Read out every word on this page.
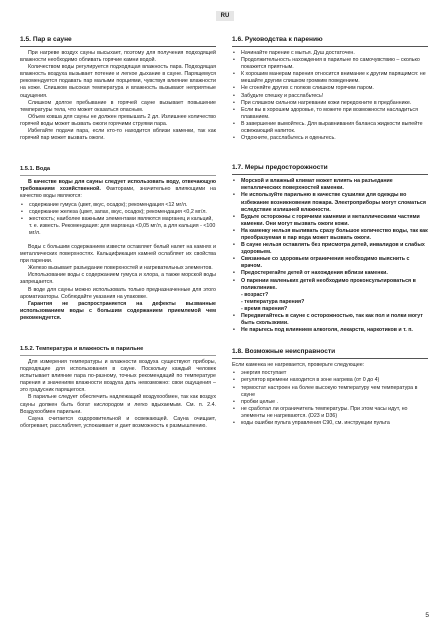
RU
1.5. Пар в сауне

При нагреве воздух сауны высыхает, поэтому для получения подходящей влажности необходимо обливать горячие камни водой.

Количеством воды регулируется подходящая влажность пара. Подходящая влажность воздуха вызывает потение и легкое дыхание в сауне. Парящемуся рекомендуется подавать пар малыми порциями, чувствуя влияние влажности на коже. Слишком высокая температура и влажность вызывают неприятные ощущения.

Слишком долгое пребывание в горячей сауне вызывает повышение температуры тела, что может оказаться опасным.

Объем ковша для сауны не должен превышать 2 дл. Излишнее количество горячей воды может вызвать ожоги горячими струями пара.

Избегайте подачи пара, если кто-то находится вблизи каменки, так как горячий пар может вызвать ожоги.

1.5.1. Вода

В качестве воды для сауны следует использовать воду, отвечающую требованиям хозяйственной. Факторами, значительно влияющими на качество воды являются:

• содержание гумуса (цвет, вкус, осадок); рекомендация <12 мг/л.
• содержание железа (цвет, запах, вкус, осадок); рекомендация <0,2 мг/л.
• жесткость; наиболее важными элементами являются марганец и кальций, т. е. известь. Рекомендация: для марганца <0,05 мг/л, а для кальция - <100 мг/л.

Воды с большим содержанием извести оставляет белый налет на камнях и металлических поверхностях. Кальцификация камней ослабляет их свойства при парении.

Железо вызывает разъедание поверхностей и нагревательных элементов.

Использование воды с содержанием гумуса и хлора, а также морской воды запрещается.

В воде для сауны можно использовать только предназначенные для этого ароматизаторы. Соблюдайте указания на упаковке.

Гарантия не распространяется на дефекты вызванные использованием воды с большим содержанием приемлемой чем рекомендуется.

1.5.2. Температура и влажность в парильне

Для измерения температуры и влажности воздуха существуют приборы, подходящие для использования в сауне. Поскольку каждый человек испытывает влияние пара по-разному, точных рекомендаций по температуре парения и значениям влажности воздуха дать невозможно: свои ощущения – это градусник парящегося.

В парильне следует обеспечить надлежащий воздухообмен, так как воздух сауны должен быть богат кислородом и легко вдыхаемым. См. п. 2.4. Воздухообмен парильни.

Сауна считается оздоровительной и освежающей. Сауна очищает, обогревает, расслабляет, успокаивает и дает возможность к размышлению.

1.6. Руководства к парению
• Начинайте парение с мытья. Душ достаточен.
• Продолжительность нахождения в парильне по самочувствию – сколько покажется приятным.
• К хорошим манерам парения относится внимание к другим парящимся: не мешайте другим слишком громким поведением.
• Не сгоняйте других с полков слишком горячим паром.
• Забудьте спешку и расслабьтесь!
• При слишком сильном нагревании кожи передохните в предбаннике.
• Если вы в хорошем здоровье, то можете при возможности насладиться плаванием.
• В завершение вымойтесь. Для выравнивания баланса жидкости выпейте освежающий напиток.
• Отдохните, расслабьтесь и оденьтесь.
1.7. Меры предосторожности
• Морской и влажный климат может влиять на разъедание металлических поверхностей каменки.
• Не используйте парильню в качестве сушилки для одежды во избежание возникновения пожара. Электроприборы могут сломаться вследствие излишней влажности.
• Будьте осторожны с горячими камнями и металлическими частями каменки. Они могут вызвать ожоги кожи.
• На каменку нельзя выливать сразу большое количество воды, так как преобразуемая в пар вода может вызвать ожоги.
• В сауне нельзя оставлять без присмотра детей, инвалидов и слабых здоровьем.
• Связанные со здоровьем ограничения необходимо выяснить с врачом.
• Предостерегайте детей от нахождения вблизи каменки.
• О парении маленьких детей необходимо проконсультироваться в поликлинике.
- возраст?
- температура парения?
- время парения?
• Передвигайтесь в сауне с осторожностью, так как пол и полки могут быть скользкими.
• Не парьтесь под влиянием алкоголя, лекарств, наркотиков и т. п.
1.8. Возможные неисправности
Если каменка не нагревается, проверьте следующее:
• энергия поступает
• регулятор времени находится в зоне нагрева (от 0 до 4)
• термостат настроен на более высокую температуру чем температура в сауне
• пробки целые .
• не сработал ли ограничитель температуры. При этом часы идут, но элементы не нагреваются. (D23 и D36)
• коды ошибки пульта управления С90, см. инструкции пульта
5
